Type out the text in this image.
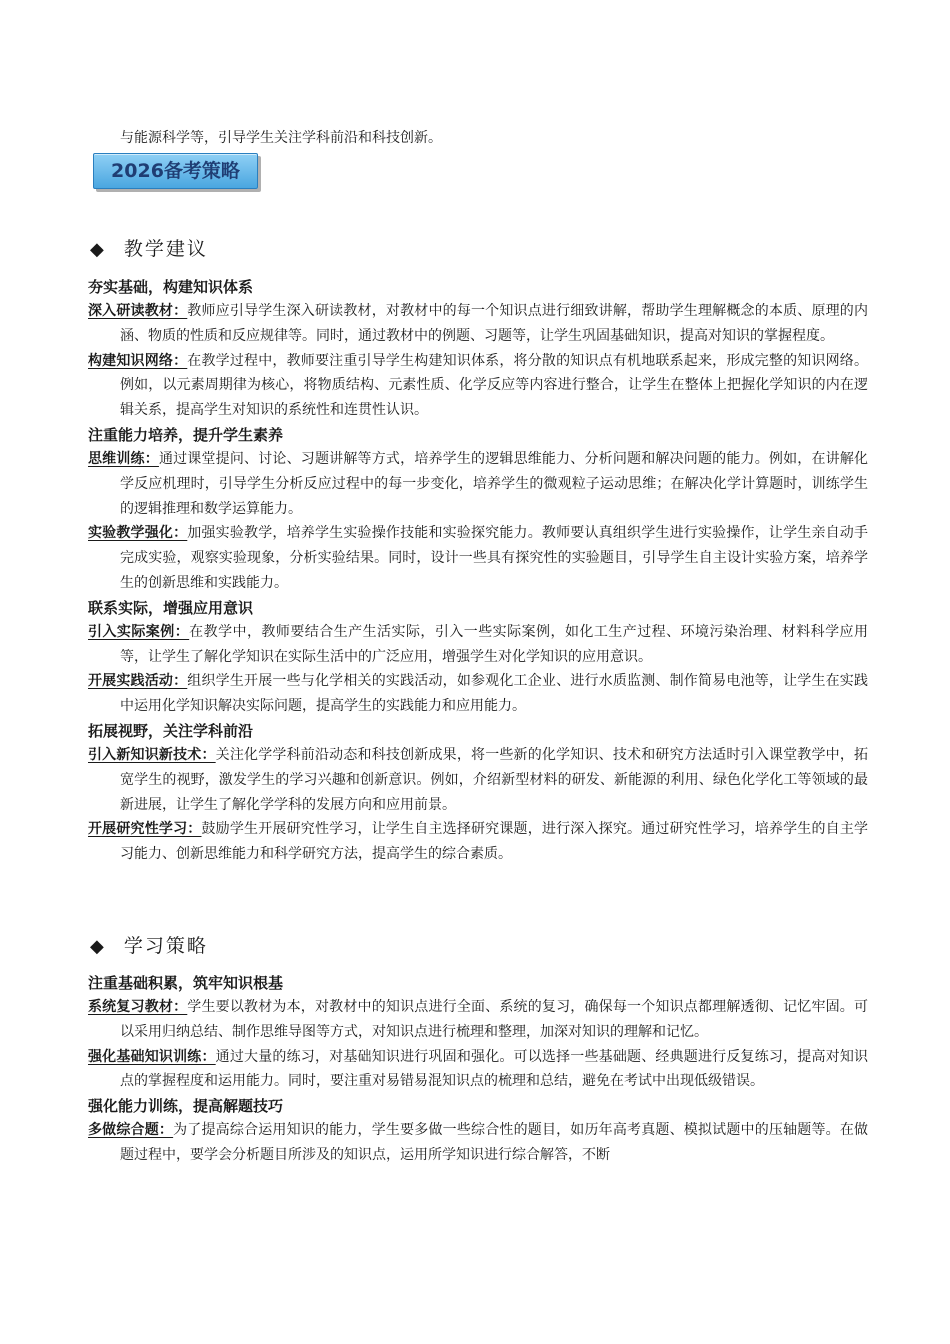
与能源科学等，引导学生关注学科前沿和科技创新。
2026备考策略
◆ 教学建议

夯实基础，构建知识体系

深入研读教材：教师应引导学生深入研读教材，对教材中的每一个知识点进行细致讲解，帮助学生理解概念的本质、原理的内涵、物质的性质和反应规律等。同时，通过教材中的例题、习题等，让学生巩固基础知识，提高对知识的掌握程度。

构建知识网络：在教学过程中，教师要注重引导学生构建知识体系，将分散的知识点有机地联系起来，形成完整的知识网络。例如，以元素周期律为核心，将物质结构、元素性质、化学反应等内容进行整合，让学生在整体上把握化学知识的内在逻辑关系，提高学生对知识的系统性和连贯性认识。

注重能力培养，提升学生素养

思维训练：通过课堂提问、讨论、习题讲解等方式，培养学生的逻辑思维能力、分析问题和解决问题的能力。例如，在讲解化学反应机理时，引导学生分析反应过程中的每一步变化，培养学生的微观粒子运动思维；在解决化学计算题时，训练学生的逻辑推理和数学运算能力。

实验教学强化：加强实验教学，培养学生实验操作技能和实验探究能力。教师要认真组织学生进行实验操作，让学生亲自动手完成实验，观察实验现象，分析实验结果。同时，设计一些具有探究性的实验题目，引导学生自主设计实验方案，培养学生的创新思维和实践能力。

联系实际，增强应用意识

引入实际案例：在教学中，教师要结合生产生活实际，引入一些实际案例，如化工生产过程、环境污染治理、材料科学应用等，让学生了解化学知识在实际生活中的广泛应用，增强学生对化学知识的应用意识。

开展实践活动：组织学生开展一些与化学相关的实践活动，如参观化工企业、进行水质监测、制作简易电池等，让学生在实践中运用化学知识解决实际问题，提高学生的实践能力和应用能力。

拓展视野，关注学科前沿

引入新知识新技术：关注化学学科前沿动态和科技创新成果，将一些新的化学知识、技术和研究方法适时引入课堂教学中，拓宽学生的视野，激发学生的学习兴趣和创新意识。例如，介绍新型材料的研发、新能源的利用、绿色化学化工等领域的最新进展，让学生了解化学学科的发展方向和应用前景。

开展研究性学习：鼓励学生开展研究性学习，让学生自主选择研究课题，进行深入探究。通过研究性学习，培养学生的自主学习能力、创新思维能力和科学研究方法，提高学生的综合素质。

◆ 学习策略

注重基础积累，筑牢知识根基

系统复习教材：学生要以教材为本，对教材中的知识点进行全面、系统的复习，确保每一个知识点都理解透彻、记忆牢固。可以采用归纳总结、制作思维导图等方式，对知识点进行梳理和整理，加深对知识的理解和记忆。

强化基础知识训练：通过大量的练习，对基础知识进行巩固和强化。可以选择一些基础题、经典题进行反复练习，提高对知识点的掌握程度和运用能力。同时，要注重对易错易混知识点的梳理和总结，避免在考试中出现低级错误。

强化能力训练，提高解题技巧

多做综合题：为了提高综合运用知识的能力，学生要多做一些综合性的题目，如历年高考真题、模拟试题中的压轴题等。在做题过程中，要学会分析题目所涉及的知识点，运用所学知识进行综合解答，不断
